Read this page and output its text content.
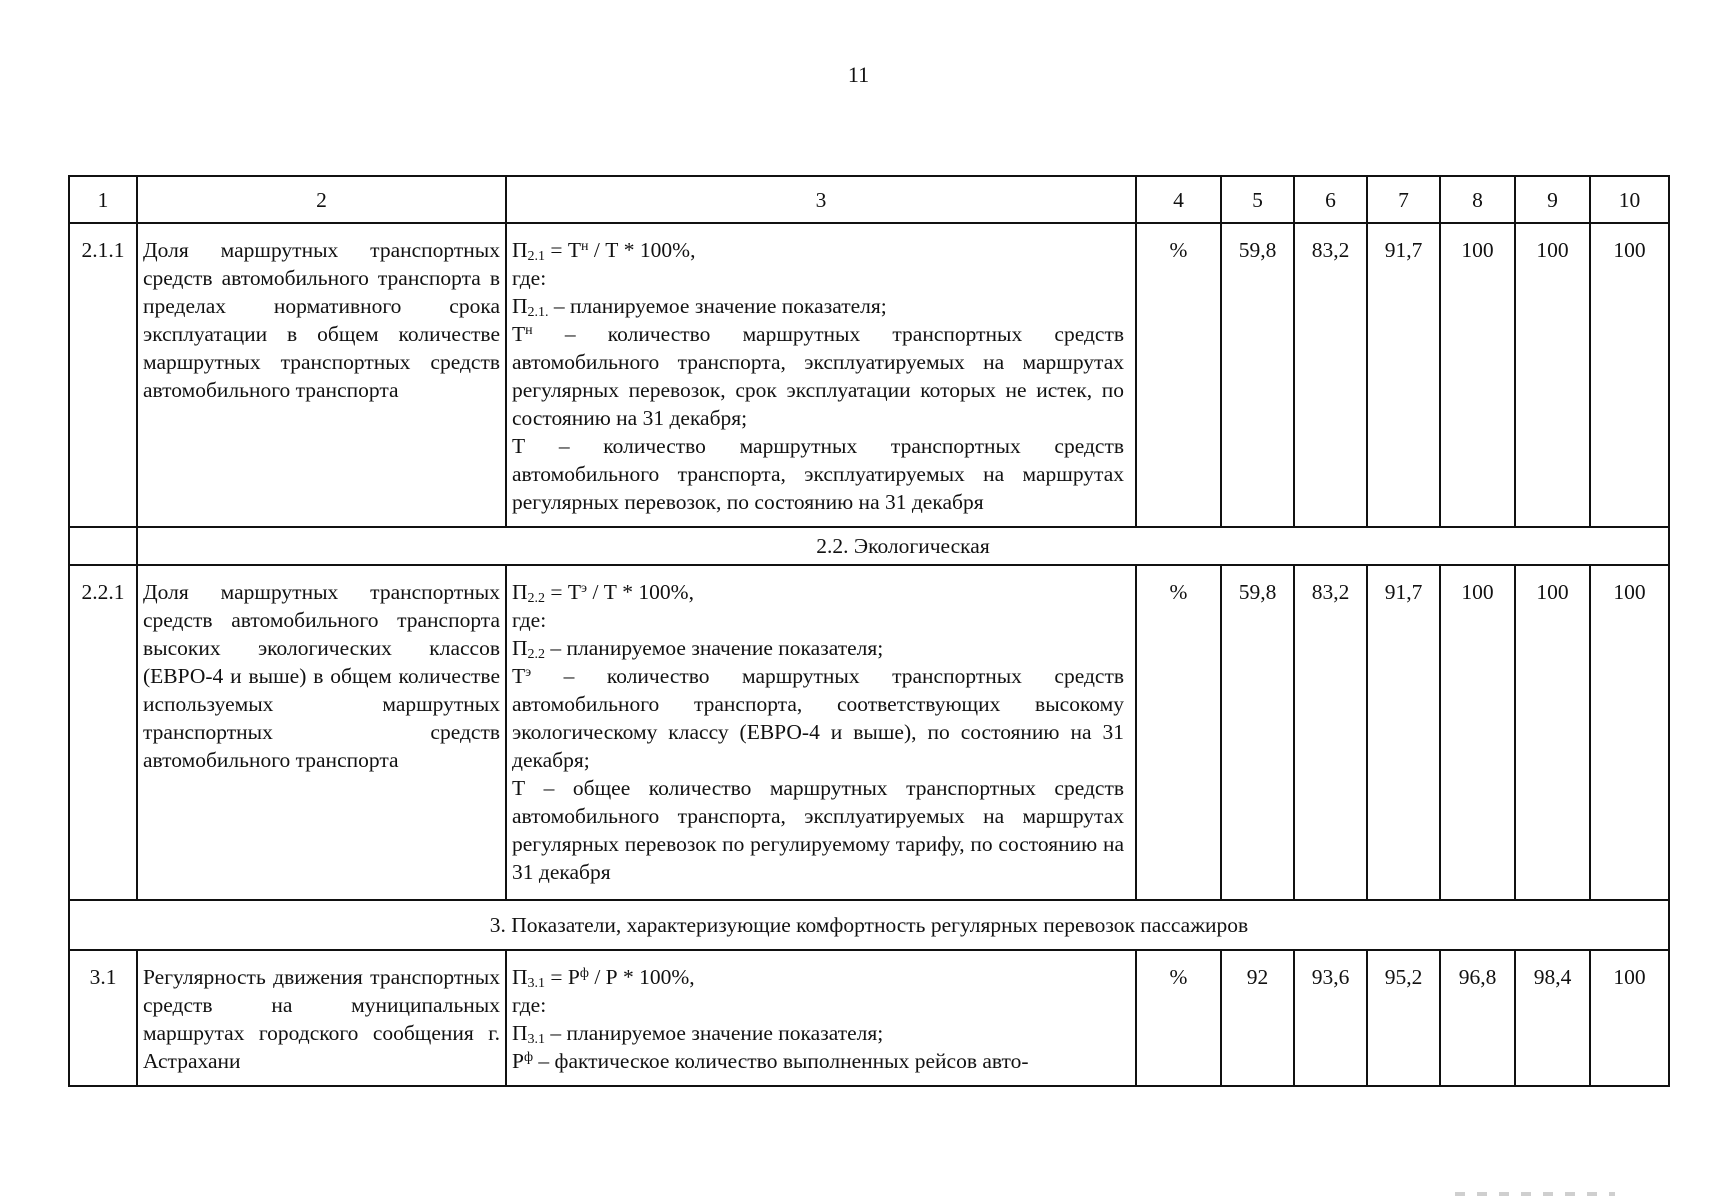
11
1	2	3	4	5	6	7	8	9	10
2.1.1	Доля маршрутных транспортных средств автомобильного транспорта в пределах нормативного срока эксплуатации в общем количестве маршрутных транспортных средств автомобильного транспорта	$П_{2.1} = Т^н / Т * 100\%$,
где:
$П_{2.1.}$ – планируемое значение показателя;
$Т^н$ – количество маршрутных транспортных средств автомобильного транспорта, эксплуатируемых на маршрутах регулярных перевозок, срок эксплуатации которых не истек, по состоянию на 31 декабря;
Т – количество маршрутных транспортных средств автомобильного транспорта, эксплуатируемых на маршрутах регулярных перевозок, по состоянию на 31 декабря	%	59,8	83,2	91,7	100	100	100
	2.2. Экологическая								
2.2.1	Доля маршрутных транспортных средств автомобильного транспорта высоких экологических классов (ЕВРО-4 и выше) в общем количестве используемых маршрутных транспортных средств автомобильного транспорта	$П_{2.2} = Т^э / Т * 100\%$,
где:
$П_{2.2}$ – планируемое значение показателя;
$Т^э$ – количество маршрутных транспортных средств автомобильного транспорта, соответствующих высокому экологическому классу (ЕВРО-4 и выше), по состоянию на 31 декабря;
Т – общее количество маршрутных транспортных средств автомобильного транспорта, эксплуатируемых на маршрутах регулярных перевозок по регулируемому тарифу, по состоянию на 31 декабря	%	59,8	83,2	91,7	100	100	100
3. Показатели, характеризующие комфортность регулярных перевозок пассажиров									
3.1	Регулярность движения транспортных средств на муниципальных маршрутах городского сообщения г. Астрахани	$П_{3.1} = Р^ф / Р * 100\%$,
где:
$П_{3.1}$ – планируемое значение показателя;
$Р^ф$ – фактическое количество выполненных рейсов авто-	%	92	93,6	95,2	96,8	98,4	100
